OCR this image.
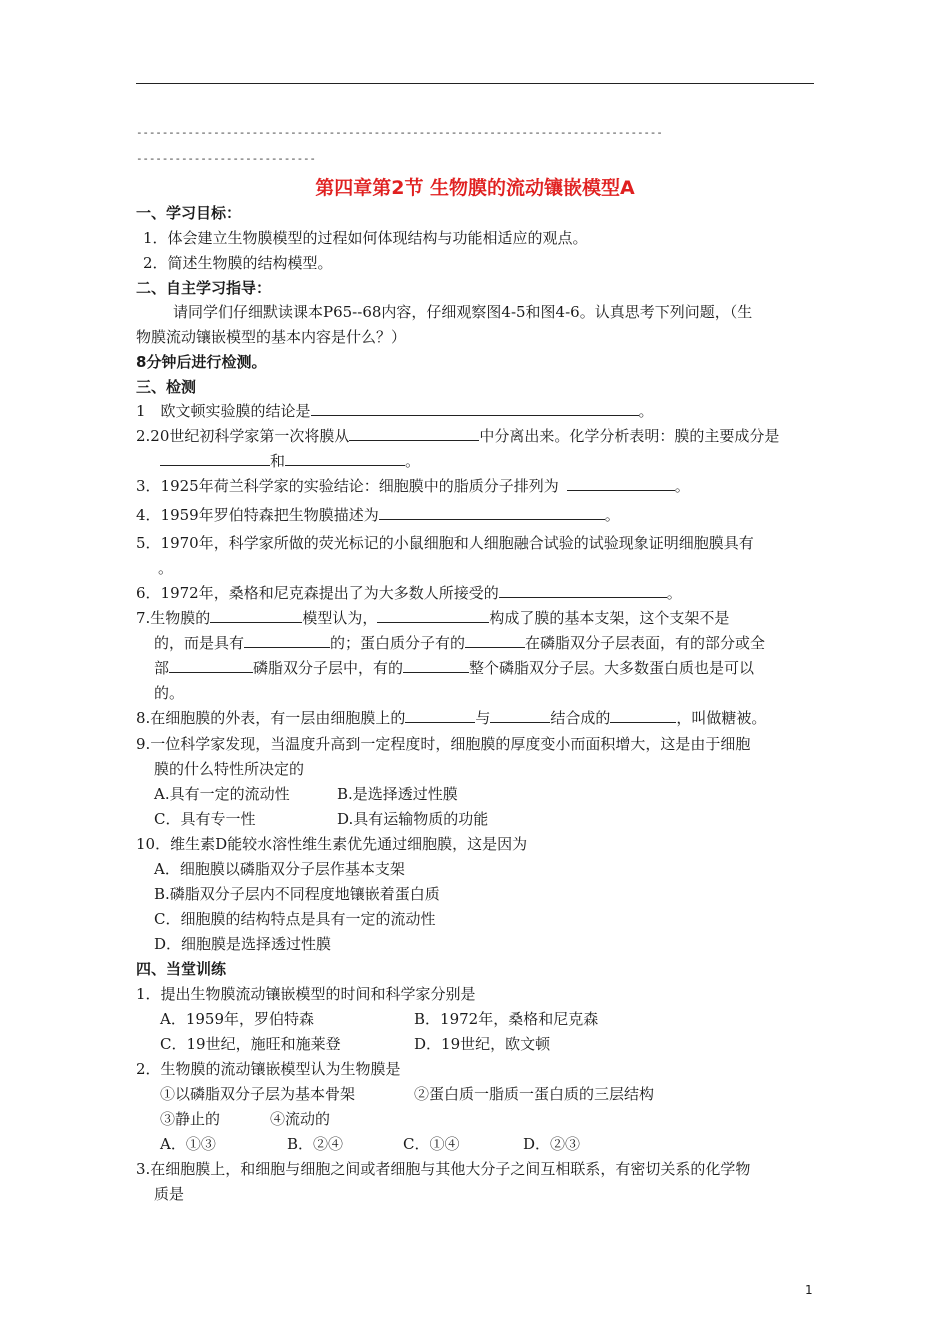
----------------------------------------------------------------------------------
----------------------------
第四章第2节 生物膜的流动镶嵌模型A
一、学习目标：
1．体会建立生物膜模型的过程如何体现结构与功能相适应的观点。
2．简述生物膜的结构模型。
二、自主学习指导：
请同学们仔细默读课本P65--68内容，仔细观察图4-5和图4-6。认真思考下列问题，（生
物膜流动镶嵌模型的基本内容是什么？）
8分钟后进行检测。
三、检测
1　欧文顿实验膜的结论是	。
2.20世纪初科学家第一次将膜从	中分离出来。化学分析表明：膜的主要成分是
和	。
3．1925年荷兰科学家的实验结论：细胞膜中的脂质分子排列为	。
4．1959年罗伯特森把生物膜描述为	。
5．1970年，科学家所做的荧光标记的小鼠细胞和人细胞融合试验的试验现象证明细胞膜具有
。
6．1972年，桑格和尼克森提出了为大多数人所接受的	。
7.生物膜的	模型认为，	构成了膜的基本支架，这个支架不是
的，而是具有	的；蛋白质分子有的	在磷脂双分子层表面，有的部分或全
部	磷脂双分子层中，有的	整个磷脂双分子层。大多数蛋白质也是可以
的。
8.在细胞膜的外表，有一层由细胞膜上的	与	结合成的	，叫做糖被。
9.一位科学家发现，当温度升高到一定程度时，细胞膜的厚度变小而面积增大，这是由于细胞
膜的什么特性所决定的
A.具有一定的流动性	B.是选择透过性膜
C．具有专一性	D.具有运输物质的功能
10．维生素D能较水溶性维生素优先通过细胞膜，这是因为
A．细胞膜以磷脂双分子层作基本支架
B.磷脂双分子层内不同程度地镶嵌着蛋白质
C．细胞膜的结构特点是具有一定的流动性
D．细胞膜是选择透过性膜
四、当堂训练
1．提出生物膜流动镶嵌模型的时间和科学家分别是
A．1959年，罗伯特森	B．1972年，桑格和尼克森
C．19世纪，施旺和施莱登	D．19世纪，欧文顿
2．生物膜的流动镶嵌模型认为生物膜是
①以磷脂双分子层为基本骨架	②蛋白质一脂质一蛋白质的三层结构
③静止的	④流动的
A．①③	B．②④	C．①④	D．②③
3.在细胞膜上，和细胞与细胞之间或者细胞与其他大分子之间互相联系，有密切关系的化学物
质是
1
